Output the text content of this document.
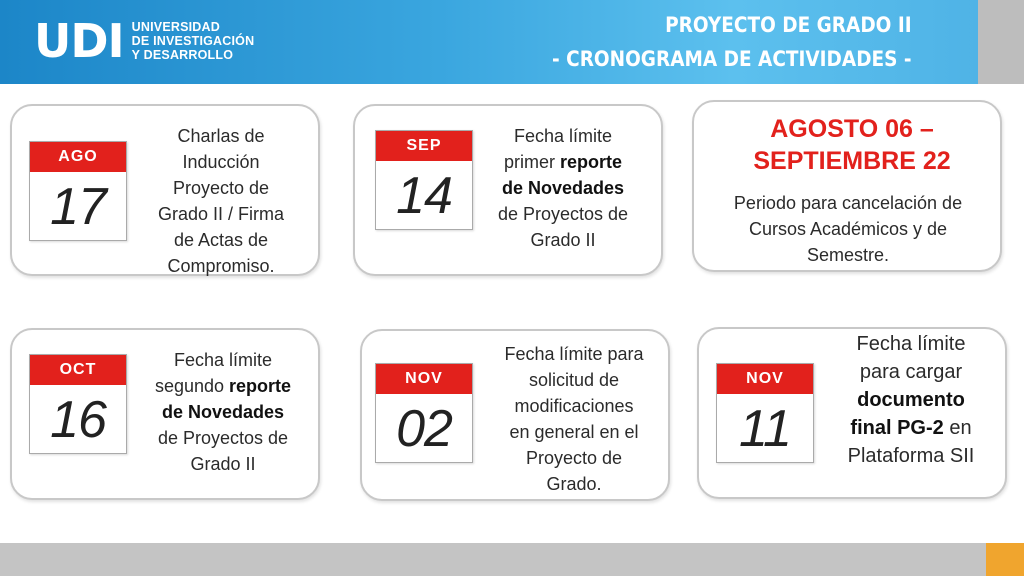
UDI UNIVERSIDAD
DE INVESTIGACIÓN
Y DESARROLLO
PROYECTO DE GRADO II
- CRONOGRAMA DE ACTIVIDADES -
AGO
17
Charlas de
Inducción
Proyecto de
Grado II / Firma
de Actas de
Compromiso.
SEP
14
Fecha límite
primer reporte
de Novedades
de Proyectos de
Grado II
AGOSTO 06 – SEPTIEMBRE 22
Periodo para cancelación de
Cursos Académicos y de
Semestre.
OCT
16
Fecha límite
segundo reporte
de Novedades
de Proyectos de
Grado II
NOV
02
Fecha límite para
solicitud de
modificaciones
en general en el
Proyecto de
Grado.
NOV
11
Fecha límite
para cargar
documento
final PG-2 en
Plataforma SII
